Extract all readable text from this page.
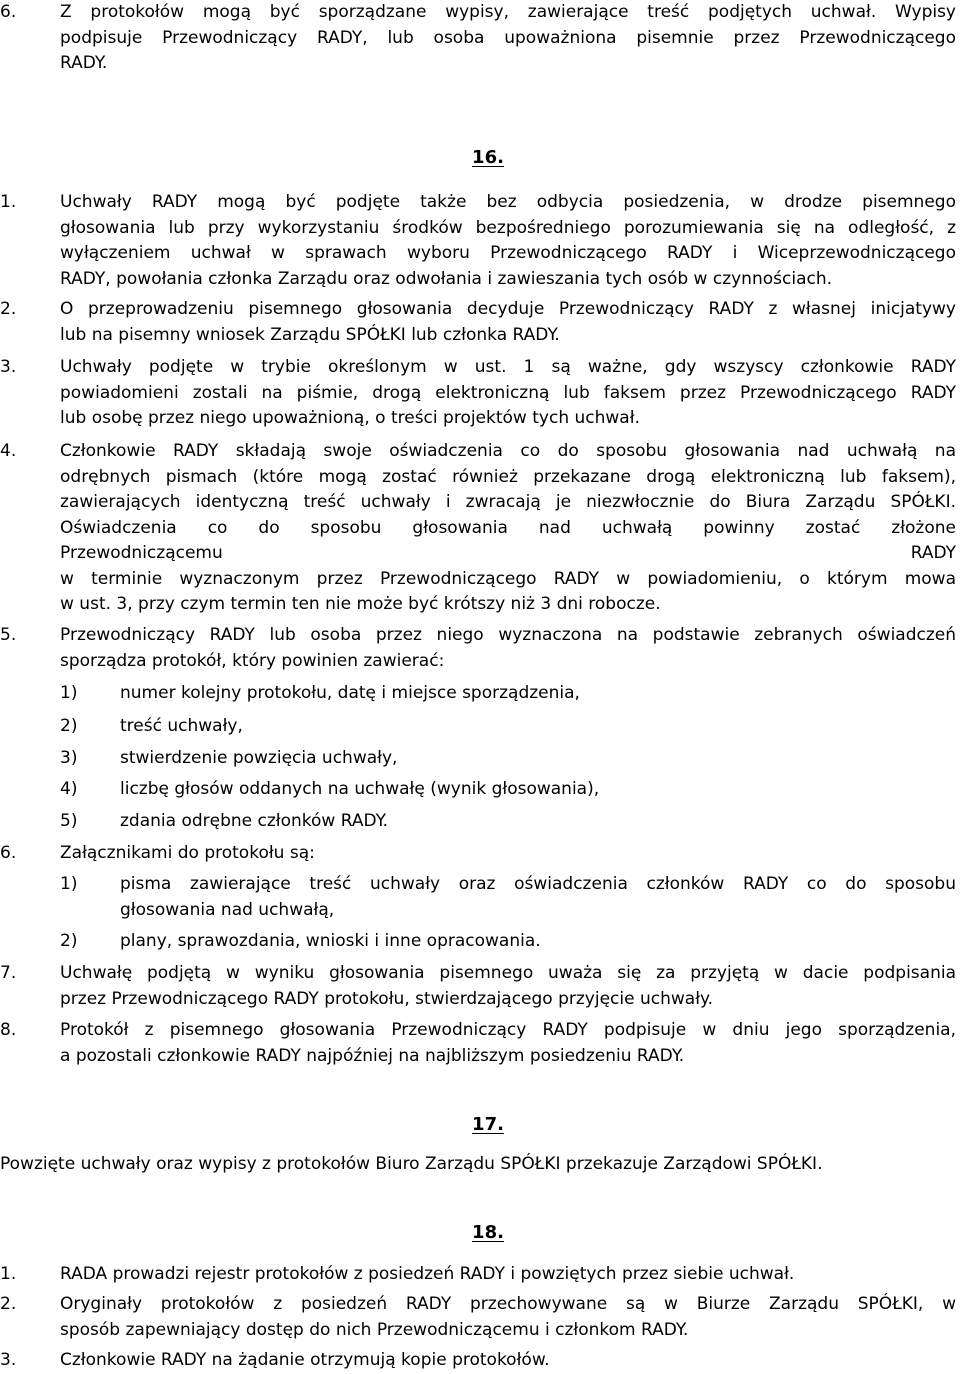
6.	Z protokołów mogą być sporządzane wypisy, zawierające treść podjętych uchwał. Wypisy
podpisuje Przewodniczący RADY, lub osoba upoważniona pisemnie przez Przewodniczącego
RADY.
16.
1.	Uchwały RADY mogą być podjęte także bez odbycia posiedzenia, w drodze pisemnego
głosowania lub przy wykorzystaniu środków bezpośredniego porozumiewania się na odległość, z
wyłączeniem uchwał w sprawach wyboru Przewodniczącego RADY i Wiceprzewodniczącego
RADY, powołania członka Zarządu oraz odwołania i zawieszania tych osób w czynnościach.
2.	O przeprowadzeniu pisemnego głosowania decyduje Przewodniczący RADY z własnej inicjatywy
lub na pisemny wniosek Zarządu SPÓŁKI lub członka RADY.
3.	Uchwały podjęte w trybie określonym w ust. 1 są ważne, gdy wszyscy członkowie RADY
powiadomieni zostali na piśmie, drogą elektroniczną lub faksem przez Przewodniczącego RADY
lub osobę przez niego upoważnioną, o treści projektów tych uchwał.
4.	Członkowie RADY składają swoje oświadczenia co do sposobu głosowania nad uchwałą na
odrębnych pismach (które mogą zostać również przekazane drogą elektroniczną lub faksem),
zawierających identyczną treść uchwały i zwracają je niezwłocznie do Biura Zarządu SPÓŁKI.
Oświadczenia co do sposobu głosowania nad uchwałą powinny zostać złożone
Przewodniczącemu RADY
w terminie wyznaczonym przez Przewodniczącego RADY w powiadomieniu, o którym mowa
w ust. 3, przy czym termin ten nie może być krótszy niż 3 dni robocze.
5.	Przewodniczący RADY lub osoba przez niego wyznaczona na podstawie zebranych oświadczeń
sporządza protokół, który powinien zawierać:
1)	numer kolejny protokołu, datę i miejsce sporządzenia,
2)	treść uchwały,
3)	stwierdzenie powzięcia uchwały,
4)	liczbę głosów oddanych na uchwałę (wynik głosowania),
5)	zdania odrębne członków RADY.
6.	Załącznikami do protokołu są:
1)	pisma zawierające treść uchwały oraz oświadczenia członków RADY co do sposobu
głosowania nad uchwałą,
2)	plany, sprawozdania, wnioski i inne opracowania.
7.	Uchwałę podjętą w wyniku głosowania pisemnego uważa się za przyjętą w dacie podpisania
przez Przewodniczącego RADY protokołu, stwierdzającego przyjęcie uchwały.
8.	Protokół z pisemnego głosowania Przewodniczący RADY podpisuje w dniu jego sporządzenia,
a pozostali członkowie RADY najpóźniej na najbliższym posiedzeniu RADY.
17.
Powzięte uchwały oraz wypisy z protokołów Biuro Zarządu SPÓŁKI przekazuje Zarządowi SPÓŁKI.
18.
1.	RADA prowadzi rejestr protokołów z posiedzeń RADY i powziętych przez siebie uchwał.
2.	Oryginały protokołów z posiedzeń RADY przechowywane są w Biurze Zarządu SPÓŁKI, w
sposób zapewniający dostęp do nich Przewodniczącemu i członkom RADY.
3.	Członkowie RADY na żądanie otrzymują kopie protokołów.
